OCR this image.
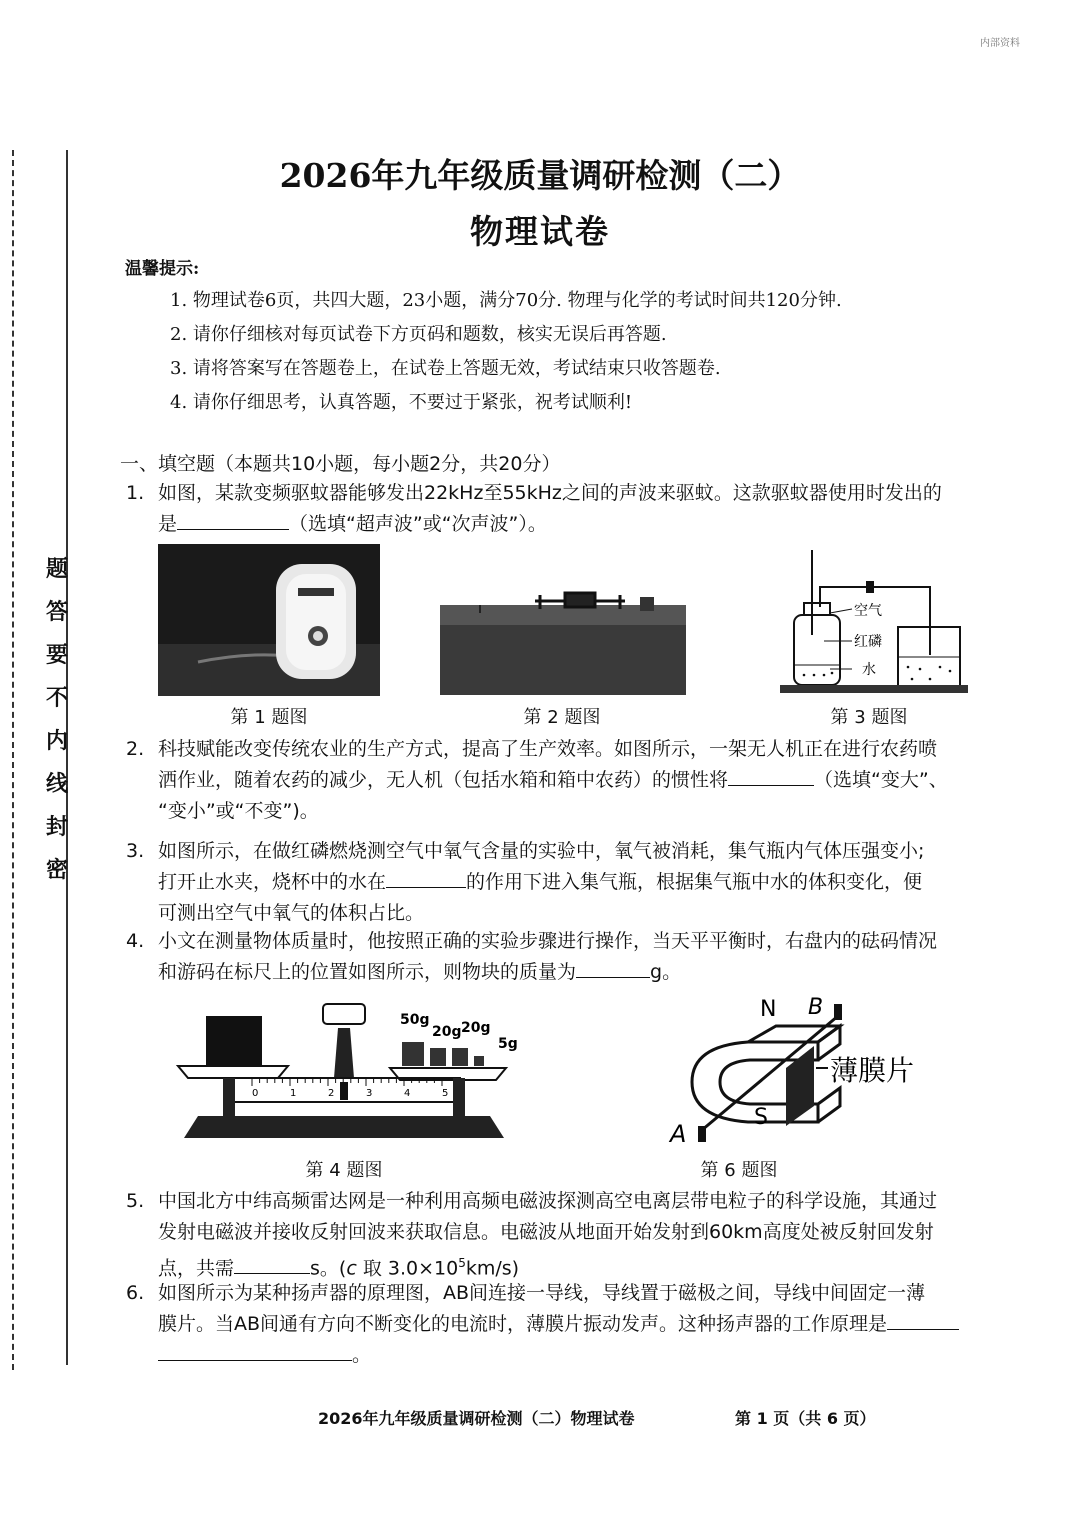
题
答
要
不
内
线
封
密
内部资料
2026年九年级质量调研检测（二）
物理试卷
温馨提示:
1. 物理试卷6页，共四大题，23小题，满分70分. 物理与化学的考试时间共120分钟.
2. 请你仔细核对每页试卷下方页码和题数，核实无误后再答题.
3. 请将答案写在答题卷上，在试卷上答题无效，考试结束只收答题卷.
4. 请你仔细思考，认真答题，不要过于紧张，祝考试顺利!
一、填空题（本题共10小题，每小题2分，共20分）
1. 如图，某款变频驱蚊器能够发出22kHz至55kHz之间的声波来驱蚊。这款驱蚊器使用时发出的
是	（选填“超声波”或“次声波”）。
空气
红磷
水
第 1 题图	第 2 题图	第 3 题图
2. 科技赋能改变传统农业的生产方式，提高了生产效率。如图所示，一架无人机正在进行农药喷
洒作业，随着农药的减少，无人机（包括水箱和箱中农药）的惯性将	（选填“变大”、
“变小”或“不变”)。
3. 如图所示，在做红磷燃烧测空气中氧气含量的实验中，氧气被消耗，集气瓶内气体压强变小;
打开止水夹，烧杯中的水在	的作用下进入集气瓶，根据集气瓶中水的体积变化，便
可测出空气中氧气的体积占比。
4. 小文在测量物体质量时，他按照正确的实验步骤进行操作，当天平平衡时，右盘内的砝码情况
和游码在标尺上的位置如图所示，则物块的质量为	g。
50g
20g 20g
5g
0	1	2	3	4	5
N B
薄膜片
S
A
第 4 题图	第 6 题图
5. 中国北方中纬高频雷达网是一种利用高频电磁波探测高空电离层带电粒子的科学设施，其通过
发射电磁波并接收反射回波来获取信息。电磁波从地面开始发射到60km高度处被反射回发射
点，共需	s。(c 取 $3.0\times 10^5km/s$)
6. 如图所示为某种扬声器的原理图，AB间连接一导线，导线置于磁极之间，导线中间固定一薄
膜片。当AB间通有方向不断变化的电流时，薄膜片振动发声。这种扬声器的工作原理是
。
2026年九年级质量调研检测（二）物理试卷	第 1 页（共 6 页）
